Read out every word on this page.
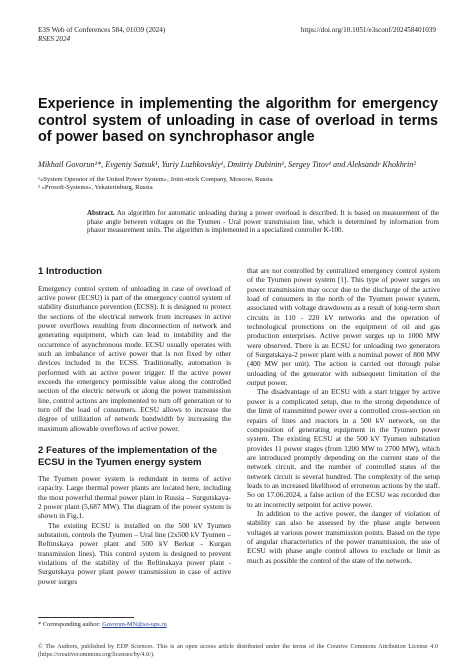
E3S Web of Conferences 584, 01039 (2024)
RSES 2024
https://doi.org/10.1051/e3sconf/202458401039
Experience in implementing the algorithm for emergency control system of unloading in case of overload in terms of power based on synchrophasor angle
Mikhail Govorun¹*, Evgeniy Satsuk¹, Yuriy Luzhkovskiy¹, Dmitriy Dubinin¹, Sergey Titov¹ and Aleksandr Khokhrin²
¹«System Operator of the United Power System», Joint-stock Company, Moscow, Russia
² «Prosoft-Systems», Yekaterinburg, Russia
Abstract. An algorithm for automatic unloading during a power overload is described. It is based on measurement of the phase angle between voltages on the Tyumen - Ural power transmission line, which is determined by information from phasor measurement units. The algorithm is implemented in a specialized controller K-100.
1 Introduction

Emergency control system of unloading in case of overload of active power (ECSU) is part of the emergency control system of stability disturbance prevention (ECSS). It is designed to protect the sections of the electrical network from increases in active power overflows resulting from disconnection of network and generating equipment, which can lead to instability and the occurrence of asynchronous mode. ECSU usually operates with such an imbalance of active power that is not fixed by other devices included in the ECSS. Traditionally, automation is performed with an active power trigger. If the active power exceeds the emergency permissible value along the controlled section of the electric network or along the power transmission line, control actions are implemented to turn off generation or to turn off the load of consumers. ECSU allows to increase the degree of utilization of network bandwidth by increasing the maximum allowable overflows of active power.

2 Features of the implementation of the ECSU in the Tyumen energy system

The Tyumen power system is redundant in terms of active capacity. Large thermal power plants are located here, including the most powerful thermal power plant in Russia – Surgutskaya-2 power plant (5,687 MW). The diagram of the power system is shown in Fig.1.

The existing ECSU is installed on the 500 kV Tyumen substation, controls the Tyumen – Ural line (2x500 kV Tyumen – Reftinskaya power plant and 500 kV Berkut - Kurgan transmission lines). This control system is designed to prevent violations of the stability of the Reftinskaya power plant - Surgutskaya power plant power transmission in case of active power surges

that are not controlled by centralized emergency control system of the Tyumen power system [1]. This type of power surges on power transmission may occur due to the discharge of the active load of consumers in the north of the Tyumen power system, associated with voltage drawdowns as a result of long-term short circuits in 110 - 220 kV networks and the operation of technological protections on the equipment of oil and gas production enterprises. Active power surges up to 1000 MW were observed. There is an ECSU for unloading two generators of Surgutskaya-2 power plant with a nominal power of 800 MW (400 MW per unit). The action is carried out through pulse unloading of the generator with subsequent limitation of the output power.

The disadvantage of an ECSU with a start trigger by active power is a complicated setup, due to the strong dependence of the limit of transmitted power over a controlled cross-section on repairs of lines and reactors in a 500 kV network, on the composition of generating equipment in the Tyumen power system. The existing ECSU at the 500 kV Tyumen substation provides 11 power stages (from 1200 MW to 2700 MW), which are introduced promptly depending on the current state of the network circuit, and the number of controlled states of the network circuit is several hundred. The complexity of the setup leads to an increased likelihood of erroneous actions by the staff. So on 17.06.2024, a false action of the ECSU was recorded due to an incorrectly setpoint for active power.

In addition to the active power, the danger of violation of stability can also be assessed by the phase angle between voltages at various power transmission points. Based on the type of angular characteristics of the power transmission, the use of ECSU with phase angle control allows to exclude or limit as much as possible the control of the state of the network.

* Corresponding author: Govorun-MN@so-ups.ru
© The Authors, published by EDP Sciences. This is an open access article distributed under the terms of the Creative Commons Attribution License 4.0 (https://creativecommons.org/licenses/by/4.0/).
